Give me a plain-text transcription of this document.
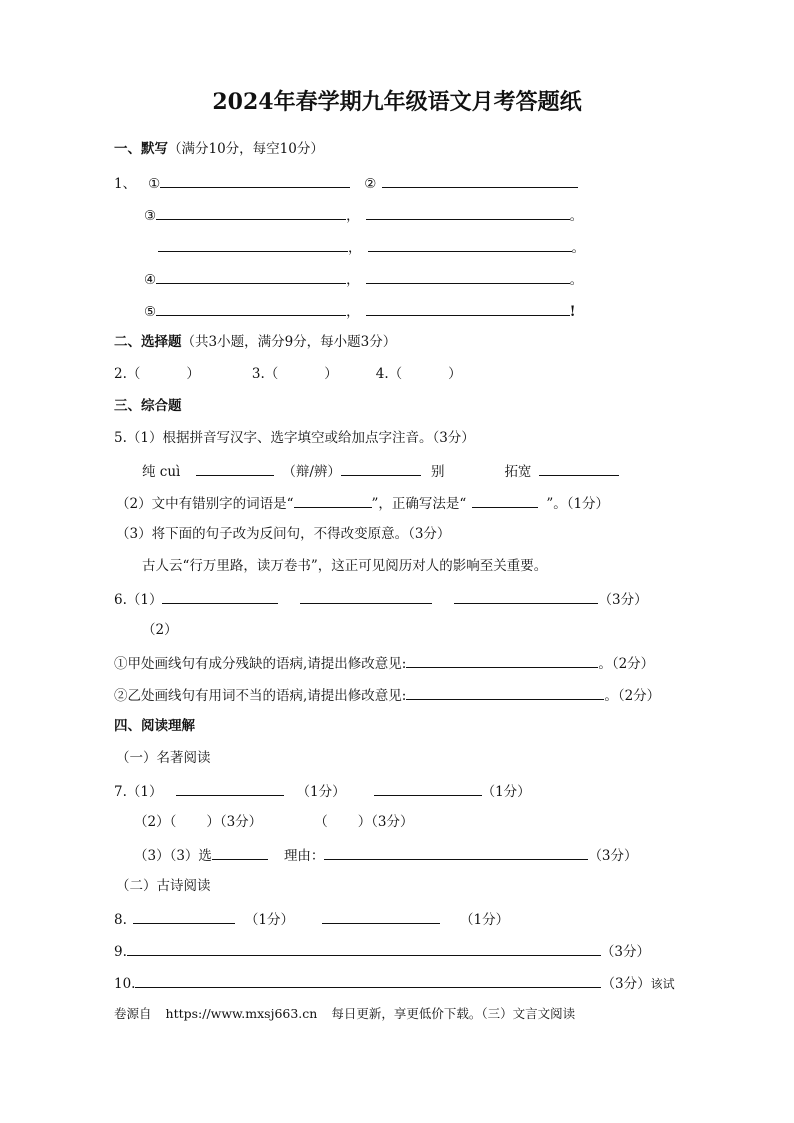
2024年春学期九年级语文月考答题纸
一、默写（满分10分，每空10分）
1、 ①	②
③	，	。
，	。
④	，	。
⑤	，	!
二、选择题（共3小题，满分9分，每小题3分）
2.（	）	3.（	）	4.（	）
三、综合题
5.（1）根据拼音写汉字、选字填空或给加点字注音。（3分）
纯 cuì	（辩/辨）	别	拓宽
（2）文中有错别字的词语是“	”，正确写法是“	”。（1分）
（3）将下面的句子改为反问句，不得改变原意。（3分）
古人云“行万里路，读万卷书”，这正可见阅历对人的影响至关重要。
6.（1）	（3分）
（2）
①甲处画线句有成分残缺的语病,请提出修改意见:	。（2分）
②乙处画线句有用词不当的语病,请提出修改意见:	。（2分）
四、阅读理解
（一）名著阅读
7.（1）	（1分）	（1分）
（2）（ ）（3分）	（ ）（3分）
（3）（3）选	理由：	（3分）
（二）古诗阅读
8.	（1分）	（1分）
9.	（3分）
10.	（3分）该试
卷源自 https://www.mxsj663.cn 每日更新，享更低价下载。（三）文言文阅读
